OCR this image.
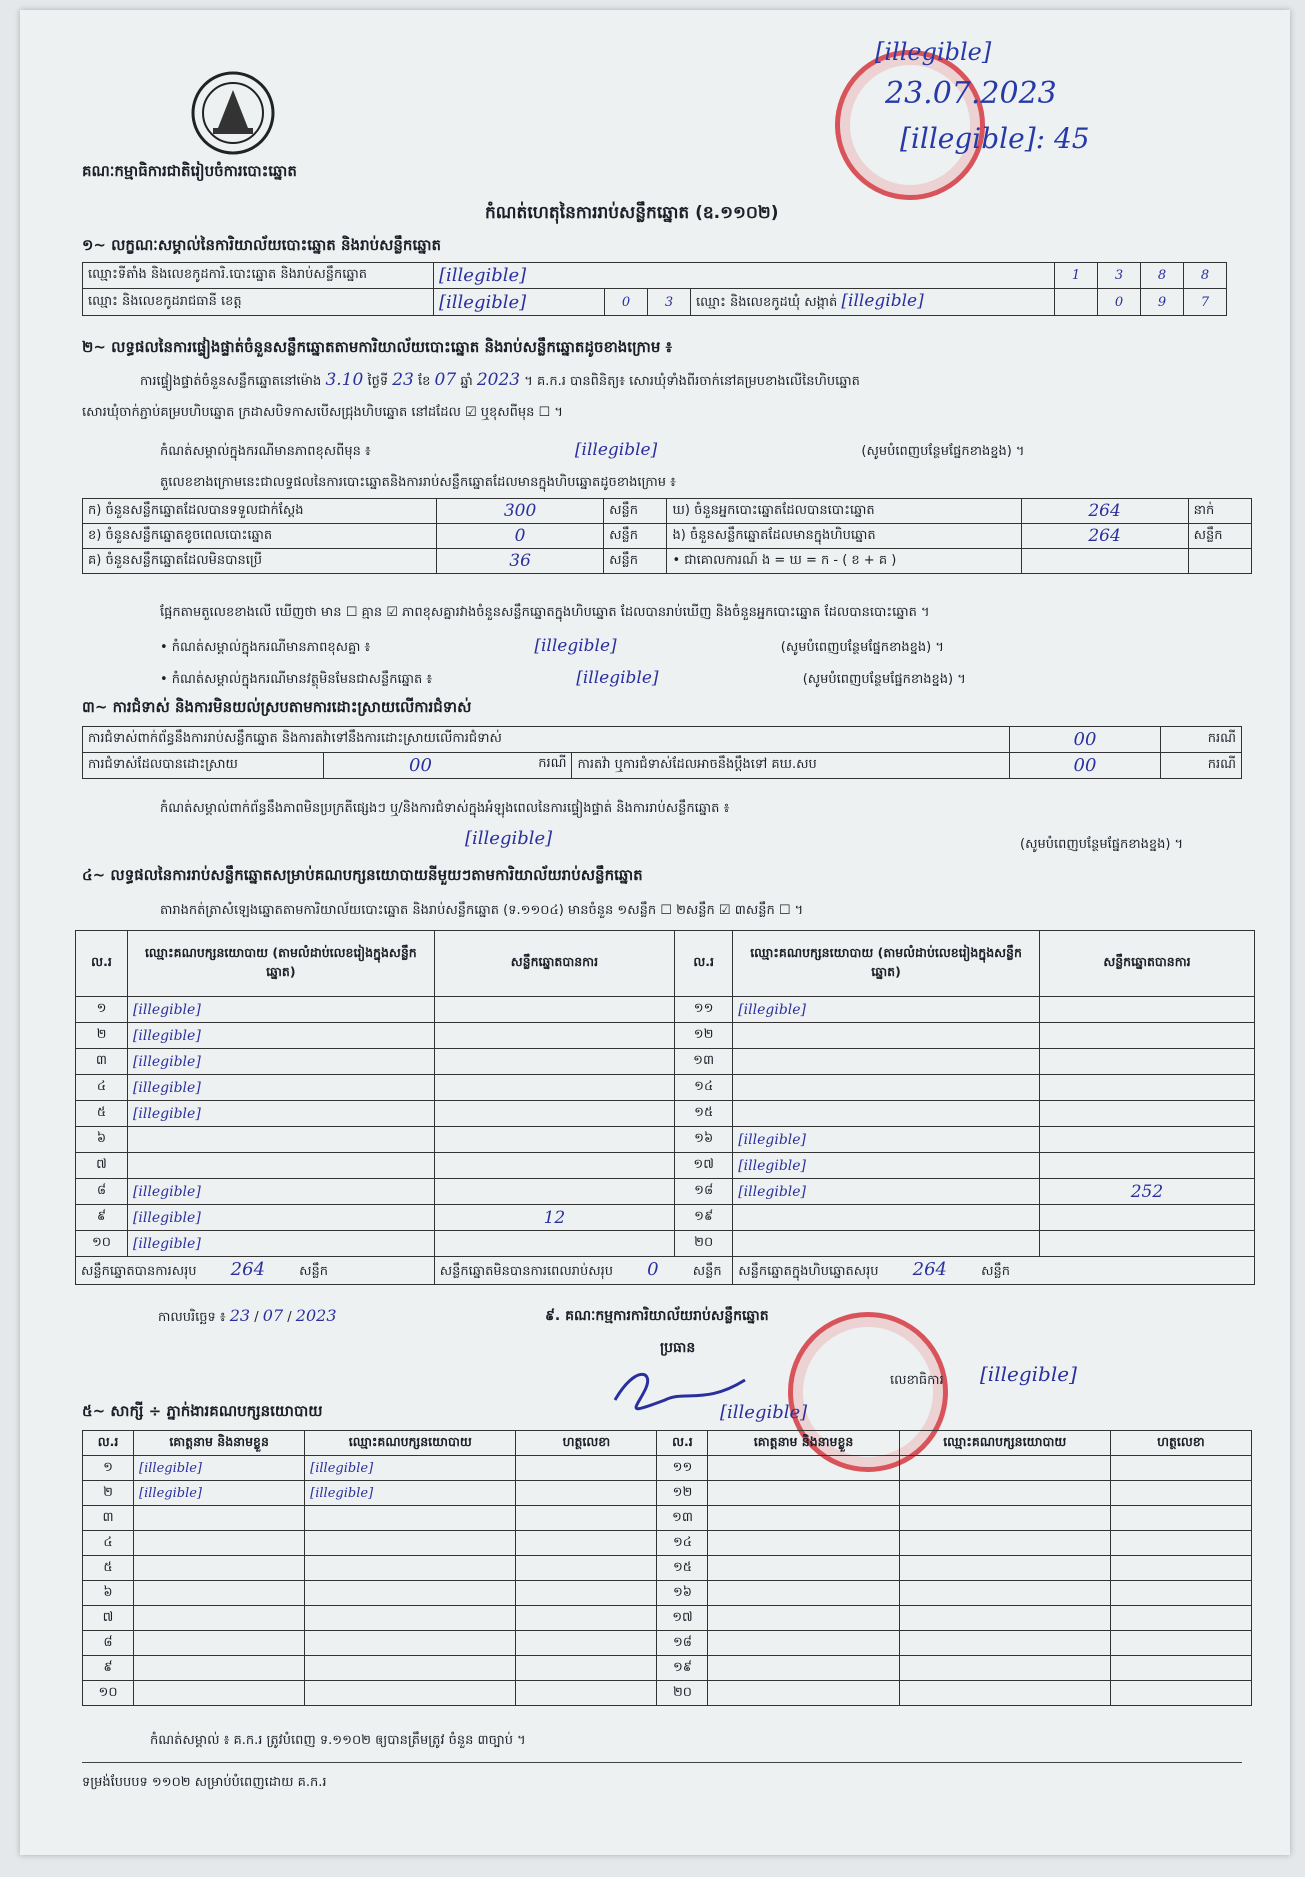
គណៈកម្មាធិការជាតិរៀបចំការបោះឆ្នោត
[illegible]
23.07.2023
[illegible]: 45
កំណត់ហេតុនៃការរាប់សន្លឹកឆ្នោត (ឧ.១១០២)
១~ លក្ខណៈសម្គាល់នៃការិយាល័យបោះឆ្នោត និងរាប់សន្លឹកឆ្នោត
ឈ្មោះទីតាំង និងលេខកូដការិ.បោះឆ្នោត និងរាប់សន្លឹកឆ្នោត	[illegible]				1	3	8	8
ឈ្មោះ និងលេខកូដរាជធានី ខេត្ត	[illegible]	0	3	ឈ្មោះ និងលេខកូដឃុំ សង្កាត់ [illegible]		0	9	7
២~ លទ្ធផលនៃការផ្ទៀងផ្ទាត់ចំនួនសន្លឹកឆ្នោតតាមការិយាល័យបោះឆ្នោត និងរាប់សន្លឹកឆ្នោតដូចខាងក្រោម ៖
ការផ្ទៀងផ្ទាត់ចំនួនសន្លឹកឆ្នោតនៅម៉ោង 3.10 ថ្ងៃទី 23 ខែ 07 ឆ្នាំ 2023 ។ គ.ក.រ បានពិនិត្យ៖ សោរឃុំទាំងពីរចាក់នៅគម្របខាងលើនៃហិបឆ្នោត
សោរឃុំចាក់ភ្ជាប់គម្របហិបឆ្នោត ក្រដាសបិទកាសបើសជ្រុងហិបឆ្នោត នៅដដែល ☑ ឬខុសពីមុន ☐ ។
កំណត់សម្គាល់ក្នុងករណីមានភាពខុសពីមុន ៖	[illegible]	(សូមបំពេញបន្ថែមផ្នែកខាងខ្នង) ។
តួលេខខាងក្រោមនេះជាលទ្ធផលនៃការបោះឆ្នោតនិងការរាប់សន្លឹកឆ្នោតដែលមានក្នុងហិបឆ្នោតដូចខាងក្រោម ៖
ក) ចំនួនសន្លឹកឆ្នោតដែលបានទទួលជាក់ស្តែង	300	សន្លឹក	ឃ) ចំនួនអ្នកបោះឆ្នោតដែលបានបោះឆ្នោត	264	នាក់
ខ) ចំនួនសន្លឹកឆ្នោតខូចពេលបោះឆ្នោត	0	សន្លឹក	ង) ចំនួនសន្លឹកឆ្នោតដែលមានក្នុងហិបឆ្នោត	264	សន្លឹក
គ) ចំនួនសន្លឹកឆ្នោតដែលមិនបានប្រើ	36	សន្លឹក	• ជាគោលការណ៍ ង = ឃ = ក - ( ខ + គ )		
ផ្អែកតាមតួលេខខាងលើ ឃើញថា មាន ☐ គ្មាន ☑ ភាពខុសគ្នារវាងចំនួនសន្លឹកឆ្នោតក្នុងហិបឆ្នោត ដែលបានរាប់ឃើញ និងចំនួនអ្នកបោះឆ្នោត ដែលបានបោះឆ្នោត ។
• កំណត់សម្គាល់ក្នុងករណីមានភាពខុសគ្នា ៖	[illegible]	(សូមបំពេញបន្ថែមផ្នែកខាងខ្នង) ។
• កំណត់សម្គាល់ក្នុងករណីមានវត្ថុមិនមែនជាសន្លឹកឆ្នោត ៖	[illegible]	(សូមបំពេញបន្ថែមផ្នែកខាងខ្នង) ។
៣~ ការជំទាស់ និងការមិនយល់ស្របតាមការដោះស្រាយលើការជំទាស់
ការជំទាស់ពាក់ព័ន្ធនឹងការរាប់សន្លឹកឆ្នោត និងការតវ៉ាទៅនឹងការដោះស្រាយលើការជំទាស់			00	ករណី
ការជំទាស់ដែលបានដោះស្រាយ	00 ករណី	ការតវ៉ា ឬការជំទាស់ដែលអាចនឹងប្តឹងទៅ គឃ.សប	00	ករណី
កំណត់សម្គាល់ពាក់ព័ន្ធនឹងភាពមិនប្រក្រតីផ្សេងៗ ឬ/និងការជំទាស់ក្នុងអំឡុងពេលនៃការផ្ទៀងផ្ទាត់ និងការរាប់សន្លឹកឆ្នោត ៖
[illegible]	(សូមបំពេញបន្ថែមផ្នែកខាងខ្នង) ។
៤~ លទ្ធផលនៃការរាប់សន្លឹកឆ្នោតសម្រាប់គណបក្សនយោបាយនីមួយៗតាមការិយាល័យរាប់សន្លឹកឆ្នោត
តារាងកត់ត្រាសំឡេងឆ្នោតតាមការិយាល័យបោះឆ្នោត និងរាប់សន្លឹកឆ្នោត (ទ.១១០៤) មានចំនួន ១សន្លឹក ☐ ២សន្លឹក ☑ ៣សន្លឹក ☐ ។
ល.រ	ឈ្មោះគណបក្សនយោបាយ (តាមលំដាប់លេខរៀងក្នុងសន្លឹកឆ្នោត)	សន្លឹកឆ្នោតបានការ	ល.រ	ឈ្មោះគណបក្សនយោបាយ (តាមលំដាប់លេខរៀងក្នុងសន្លឹកឆ្នោត)	សន្លឹកឆ្នោតបានការ
១	[illegible]		១១	[illegible]	
២	[illegible]		១២		
៣	[illegible]		១៣		
៤	[illegible]		១៤		
៥	[illegible]		១៥		
៦			១៦	[illegible]	
៧			១៧	[illegible]	
៨	[illegible]		១៨	[illegible]	252
៩	[illegible]	12	១៩		
១០	[illegible]		២០		
សន្លឹកឆ្នោតបានការសរុប 264 សន្លឹក		សន្លឹកឆ្នោតមិនបានការពេលរាប់សរុប 0 សន្លឹក		សន្លឹកឆ្នោតក្នុងហិបឆ្នោតសរុប 264 សន្លឹក	
កាលបរិច្ឆេទ ៖ 23 / 07 / 2023	៩. គណៈកម្មការការិយាល័យរាប់សន្លឹកឆ្នោត
ប្រធាន
លេខាធិការ [illegible]
[illegible]
៥~ សាក្សី ÷ ភ្នាក់ងារគណបក្សនយោបាយ
ល.រ	គោត្តនាម និងនាមខ្លួន	ឈ្មោះគណបក្សនយោបាយ	ហត្ថលេខា	ល.រ	គោត្តនាម និងនាមខ្លួន	ឈ្មោះគណបក្សនយោបាយ	ហត្ថលេខា
១	[illegible]	[illegible]		១១			
២	[illegible]	[illegible]		១២			
៣				១៣			
៤				១៤			
៥				១៥			
៦				១៦			
៧				១៧			
៨				១៨			
៩				១៩			
១០				២០			
កំណត់សម្គាល់ ៖ គ.ក.រ ត្រូវបំពេញ ទ.១១០២ ឲ្យបានត្រឹមត្រូវ ចំនួន ៣ច្បាប់ ។
ទម្រង់បែបបទ ១១០២ សម្រាប់បំពេញដោយ គ.ក.រ
